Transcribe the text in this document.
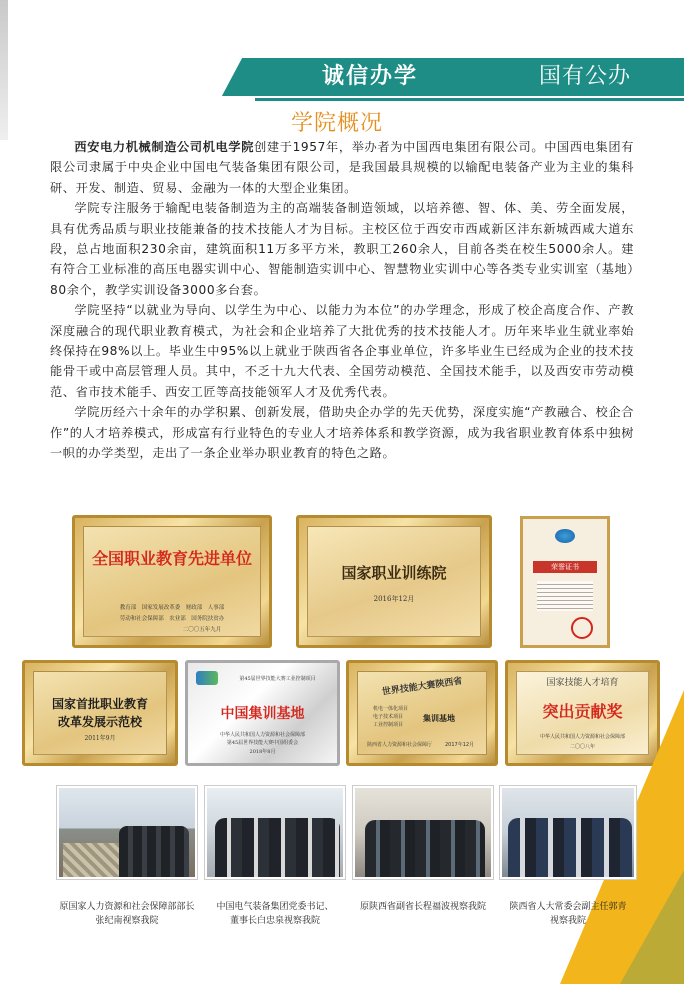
诚信办学	国有公办
学院概况

西安电力机械制造公司机电学院创建于1957年，举办者为中国西电集团有限公司。中国西电集团有限公司隶属于中央企业中国电气装备集团有限公司，是我国最具规模的以输配电装备产业为主业的集科研、开发、制造、贸易、金融为一体的大型企业集团。

学院专注服务于输配电装备制造为主的高端装备制造领域，以培养德、智、体、美、劳全面发展，具有优秀品质与职业技能兼备的技术技能人才为目标。主校区位于西安市西咸新区沣东新城西咸大道东段，总占地面积230余亩，建筑面积11万多平方米，教职工260余人，目前各类在校生5000余人。建有符合工业标准的高压电器实训中心、智能制造实训中心、智慧物业实训中心等各类专业实训室（基地）80余个，教学实训设备3000多台套。

学院坚持“以就业为导向、以学生为中心、以能力为本位”的办学理念，形成了校企高度合作、产教深度融合的现代职业教育模式，为社会和企业培养了大批优秀的技术技能人才。历年来毕业生就业率始终保持在98%以上。毕业生中95%以上就业于陕西省各企事业单位，许多毕业生已经成为企业的技术技能骨干或中高层管理人员。其中，不乏十九大代表、全国劳动模范、全国技术能手，以及西安市劳动模范、省市技术能手、西安工匠等高技能领军人才及优秀代表。

学院历经六十余年的办学积累、创新发展，借助央企办学的先天优势，深度实施“产教融合、校企合作”的人才培养模式，形成富有行业特色的专业人才培养体系和教学资源，成为我省职业教育体系中独树一帜的办学类型，走出了一条企业举办职业教育的特色之路。

全国职业教育先进单位
教育部　国家发展改革委　财政部　人事部
劳动和社会保障部　农业部　国务院扶贫办
二〇〇五年九月
国家职业训练院
2016年12月
荣誉证书
国家首批职业教育
改革发展示范校
2011年9月
第45届世界技能大赛工业控制项目
中国集训基地
中华人民共和国人力资源和社会保障部
第45届世界技能大赛中国组委会
2018年8月
世界技能大赛陕西省
机电一体化项目
电子技术项目
工业控制项目
集训基地
陕西省人力资源和社会保障厅	2017年12月
国家技能人才培育
突出贡献奖
中华人民共和国人力资源和社会保障部
二〇〇八年
原国家人力资源和社会保障部部长
张纪南视察我院
中国电气装备集团党委书记、
董事长白忠泉视察我院
原陕西省副省长程福波视察我院	陕西省人大常委会副主任郭青
视察我院
